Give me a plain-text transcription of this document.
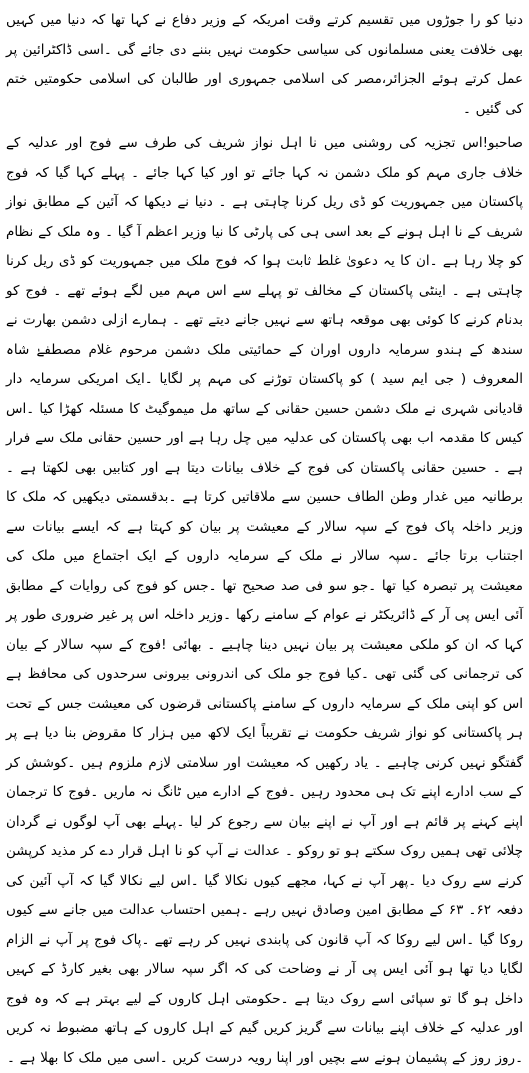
دنیا کو را جوڑوں میں تقسیم کرتے وقت امریکہ کے وزیر دفاع نے کہا تھا کہ دنیا میں کہیں بھی خلافت یعنی مسلمانوں کی سیاسی حکومت نہیں بننے دی جائے گی ۔اسی ڈاکٹرائین پر عمل کرتے ہوئے الجزائر،مصر کی اسلامی جمہوری اور طالبان کی اسلامی حکومتیں ختم کی گئیں ۔

صاحبو!اس تجزیہ کی روشنی میں نا اہل نواز شریف کی طرف سے فوج اور عدلیہ کے خلاف جاری مہم کو ملک دشمن نہ کہا جائے تو اور کیا کہا جائے ۔ پہلے کہا گیا کہ فوج پاکستان میں جمہوریت کو ڈی ریل کرنا چاہتی ہے ۔ دنیا نے دیکھا کہ آئین کے مطابق نواز شریف کے نا اہل ہونے کے بعد اسی ہی کی پارٹی کا نیا وزیر اعظم آ گیا ۔ وہ ملک کے نظام کو چلا رہا ہے ۔ان کا یہ دعویٰ غلط ثابت ہوا کہ فوج ملک میں جمہوریت کو ڈی ریل کرنا چاہتی ہے ۔ اینٹی پاکستان کے مخالف تو پہلے سے اس مہم میں لگے ہوئے تھے ۔ فوج کو بدنام کرنے کا کوئی بھی موقعہ ہاتھ سے نہیں جانے دیتے تھے ۔ ہمارے ازلی دشمن بھارت نے سندھ کے ہندو سرمایہ داروں اوران کے حمائیتی ملک دشمن مرحوم غلام مصطفےٰ شاہ المعروف ( جی ایم سید ) کو پاکستان توڑنے کی مہم پر لگایا ۔ایک امریکی سرمایہ دار قادیانی شہری نے ملک دشمن حسین حقانی کے ساتھ مل میموگیٹ کا مسئلہ کھڑا کیا ۔اس کیس کا مقدمہ اب بھی پاکستان کی عدلیہ میں چل رہا ہے اور حسین حقانی ملک سے فرار ہے ۔ حسین حقانی پاکستان کی فوج کے خلاف بیانات دیتا ہے اور کتابیں بھی لکھتا ہے ۔ برطانیہ میں غدار وطن الطاف حسین سے ملاقاتیں کرتا ہے ۔بدقسمتی دیکھیں کہ ملک کا وزیر داخلہ پاک فوج کے سپہ سالار کے معیشت پر بیان کو کہتا ہے کہ ایسے بیانات سے اجتناب برتا جائے ۔سپہ سالار نے ملک کے سرمایہ داروں کے ایک اجتماع میں ملک کی معیشت پر تبصرہ کیا تھا ۔جو سو فی صد صحیح تھا ۔جس کو فوج کی روایات کے مطابق آئی ایس پی آر کے ڈائریکٹر نے عوام کے سامنے رکھا ۔وزیر داخلہ اس پر غیر ضروری طور پر کہا کہ ان کو ملکی معیشت پر بیان نہیں دینا چاہیے ۔ بھائی !فوج کے سپہ سالار کے بیان کی ترجمانی کی گئی تھی ۔کیا فوج جو ملک کی اندرونی بیرونی سرحدوں کی محافظ ہے اس کو اپنی ملک کے سرمایہ داروں کے سامنے پاکستانی قرضوں کی معیشت جس کے تحت ہر پاکستانی کو نواز شریف حکومت نے تقریباً ایک لاکھ میں ہزار کا مقروض بنا دیا ہے پر گفتگو نہیں کرنی چاہیے ۔ یاد رکھیں کہ معیشت اور سلامتی لازم ملزوم ہیں ۔کوشش کر کے سب ادارے اپنے تک ہی محدود رہیں ۔فوج کے ادارے میں ٹانگ نہ ماریں ۔فوج کا ترجمان اپنے کہنے پر قائم ہے اور آپ نے اپنے بیان سے رجوع کر لیا ۔پہلے بھی آپ لوگوں نے گردان چلائی تھی ہمیں روک سکتے ہو تو روکو ۔ عدالت نے آپ کو نا اہل قرار دے کر مذید کرپشن کرنے سے روک دیا ۔پھر آپ نے کہا، مجھے کیوں نکالا گیا ۔اس لیے نکالا گیا کہ آپ آئین کی دفعہ ۶۲۔ ۶۳ کے مطابق امین وصادق نہیں رہے ۔ہمیں احتساب عدالت میں جانے سے کیوں روکا گیا ۔اس لیے روکا کہ آپ قانون کی پابندی نہیں کر رہے تھے ۔پاک فوج پر آپ نے الزام لگایا دیا تھا ہو آئی ایس پی آر نے وضاحت کی کہ اگر سپہ سالار بھی بغیر کارڈ کے کہیں داخل ہو گا تو سپائی اسے روک دیتا ہے ۔حکومتی اہل کاروں کے لیے بہتر ہے کہ وہ فوج اور عدلیہ کے خلاف اپنے بیانات سے گریز کریں گیم کے اہل کاروں کے ہاتھ مضبوط نہ کریں ۔روز روز کے پشیمان ہونے سے بچیں اور اپنا رویہ درست کریں ۔اسی میں ملک کا بھلا ہے ۔
